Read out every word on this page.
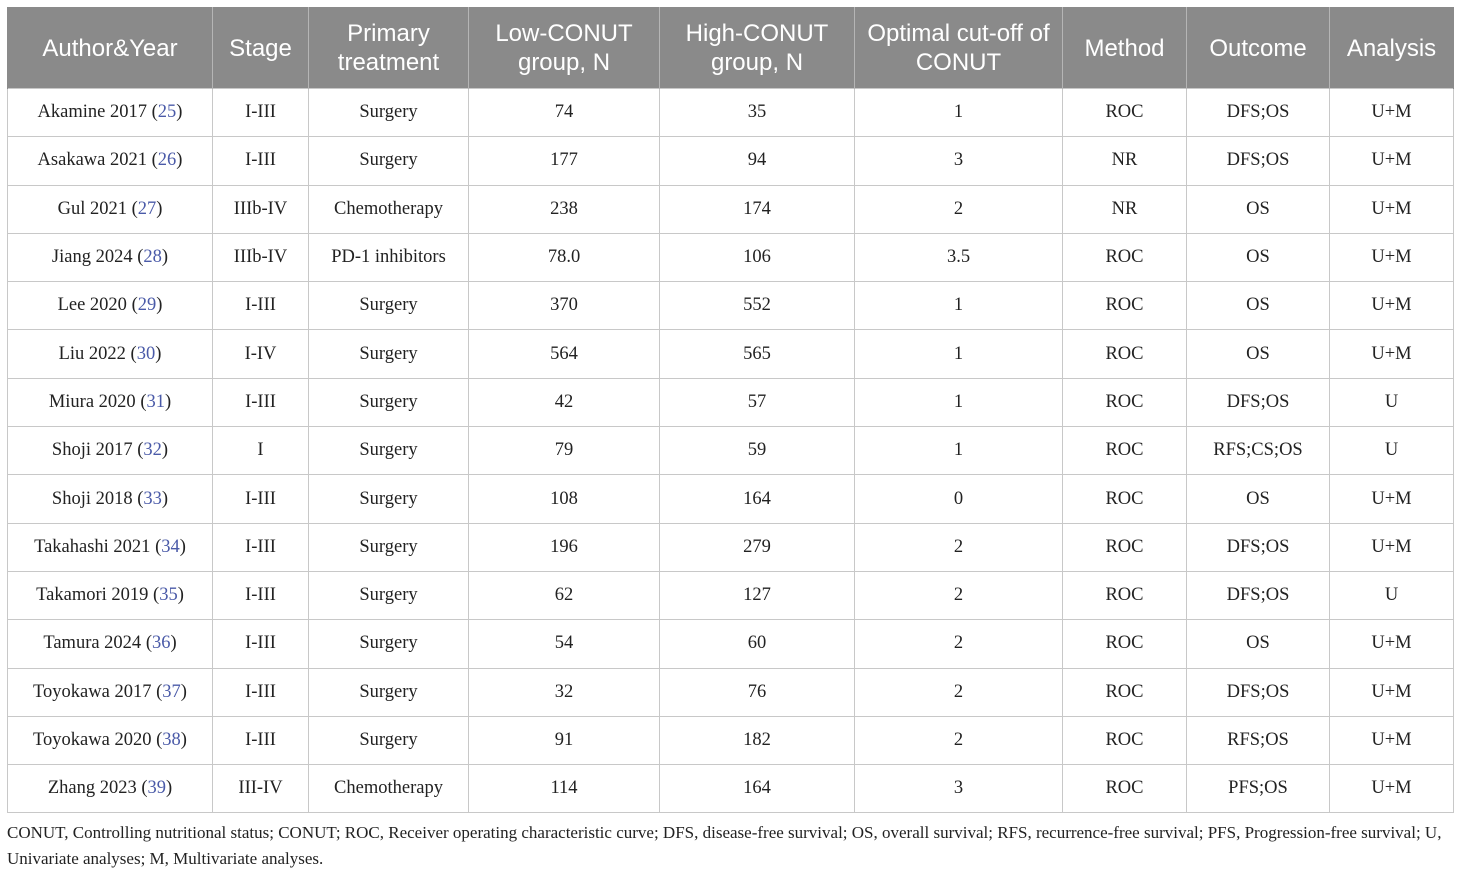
Author&Year	Stage	Primary treatment	Low-CONUT group, N	High-CONUT group, N	Optimal cut-off of CONUT	Method	Outcome	Analysis
Akamine 2017 (25)	I-III	Surgery	74	35	1	ROC	DFS;OS	U+M
Asakawa 2021 (26)	I-III	Surgery	177	94	3	NR	DFS;OS	U+M
Gul 2021 (27)	IIIb-IV	Chemotherapy	238	174	2	NR	OS	U+M
Jiang 2024 (28)	IIIb-IV	PD-1 inhibitors	78.0	106	3.5	ROC	OS	U+M
Lee 2020 (29)	I-III	Surgery	370	552	1	ROC	OS	U+M
Liu 2022 (30)	I-IV	Surgery	564	565	1	ROC	OS	U+M
Miura 2020 (31)	I-III	Surgery	42	57	1	ROC	DFS;OS	U
Shoji 2017 (32)	I	Surgery	79	59	1	ROC	RFS;CS;OS	U
Shoji 2018 (33)	I-III	Surgery	108	164	0	ROC	OS	U+M
Takahashi 2021 (34)	I-III	Surgery	196	279	2	ROC	DFS;OS	U+M
Takamori 2019 (35)	I-III	Surgery	62	127	2	ROC	DFS;OS	U
Tamura 2024 (36)	I-III	Surgery	54	60	2	ROC	OS	U+M
Toyokawa 2017 (37)	I-III	Surgery	32	76	2	ROC	DFS;OS	U+M
Toyokawa 2020 (38)	I-III	Surgery	91	182	2	ROC	RFS;OS	U+M
Zhang 2023 (39)	III-IV	Chemotherapy	114	164	3	ROC	PFS;OS	U+M
CONUT, Controlling nutritional status; CONUT; ROC, Receiver operating characteristic curve; DFS, disease-free survival; OS, overall survival; RFS, recurrence-free survival; PFS, Progression-free survival; U, Univariate analyses; M, Multivariate analyses.
